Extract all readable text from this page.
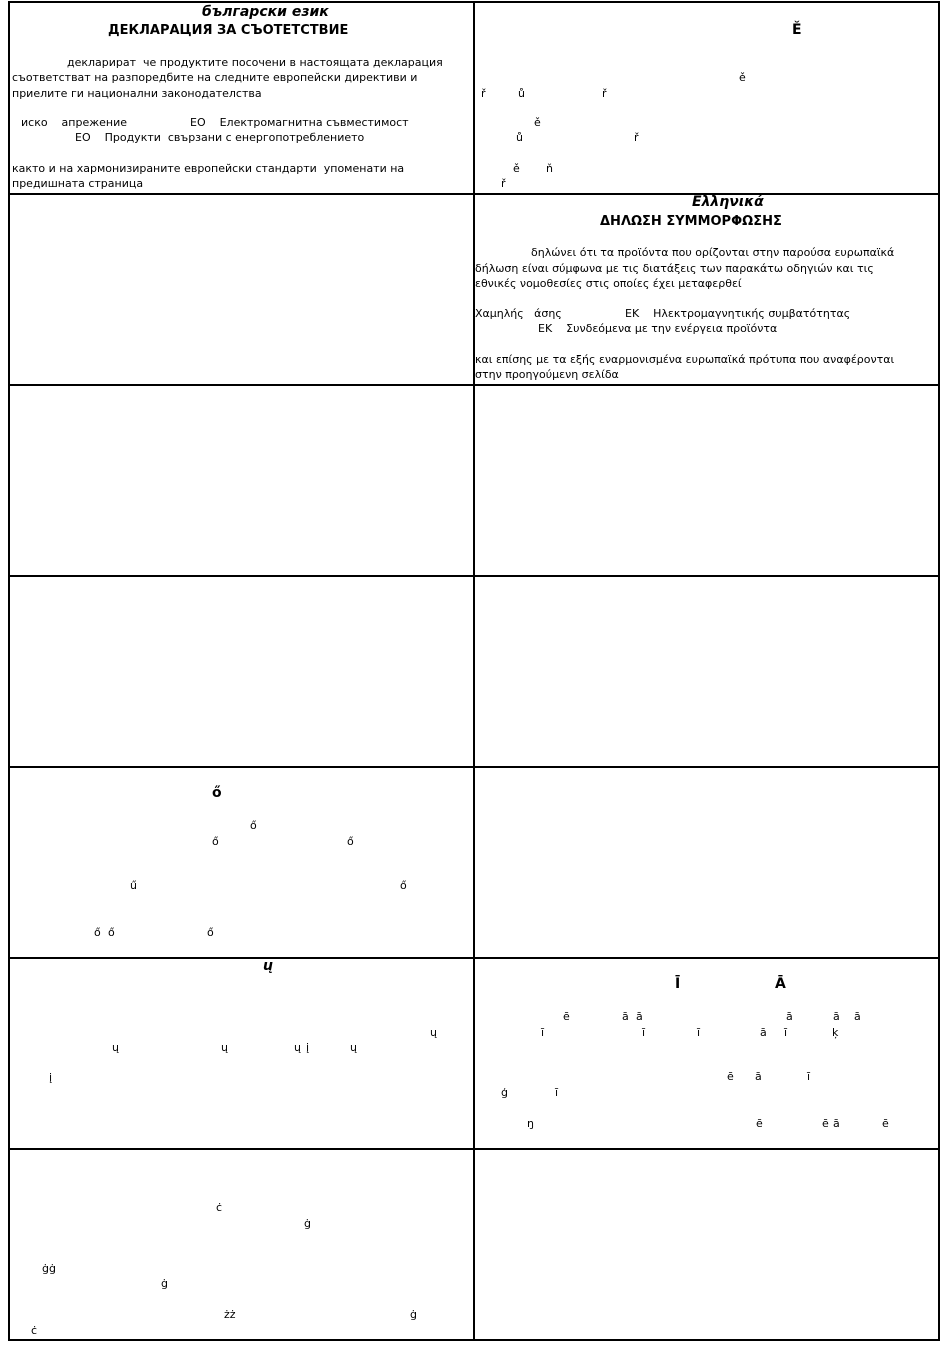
български език
ДЕКЛАРАЦИЯ ЗА СЪОТЕТСТВИЕ
декларират  че продуктите посочени в настоящата декларация
съответстват на разпоредбите на следните европейски директиви и
приелите ги национални законодателства
иско    апрежение	ЕО    Електромагнитна съвместимост
ЕО    Продукти  свързани с енергопотреблението
както и на хармонизираните европейски стандарти  упоменати на
предишната страница
Ě
ě
ř	ů	ř
ě
ů	ř
ě ň
ř
Ελληνικά
ΔΗΛΩΣΗ ΣΥΜΜΟΡΦΩΣΗΣ
δηλώνει ότι τα προϊόντα που ορίζονται στην παρούσα ευρωπαϊκά
δήλωση είναι σύμφωνα με τις διατάξεις των παρακάτω οδηγιών και τις
εθνικές νομοθεσίες στις οποίες έχει μεταφερθεί
Χαμηλής   άσης	ΕΚ    Ηλεκτρομαγνητικής συμβατότητας
ΕΚ    Συνδεόμενα με την ενέργεια προϊόντα
και επίσης με τα εξής εναρμονισμένα ευρωπαϊκά πρότυπα που αναφέρονται
στην προηγούμενη σελίδα
ő
ő
ő	ő
ű	ő
ő ő	ő
ų
ų
ų	ų	ų į	ų
į
Ī	Ā
ē	ā ā	ā	ā ā
ī	ī	ī	ā ī	ķ
ē ā	ī
ģ	ī
ŋ	ē	ē ā	ē
ċ
ġ
ġġ
ġ
żż	ġ
ċ
